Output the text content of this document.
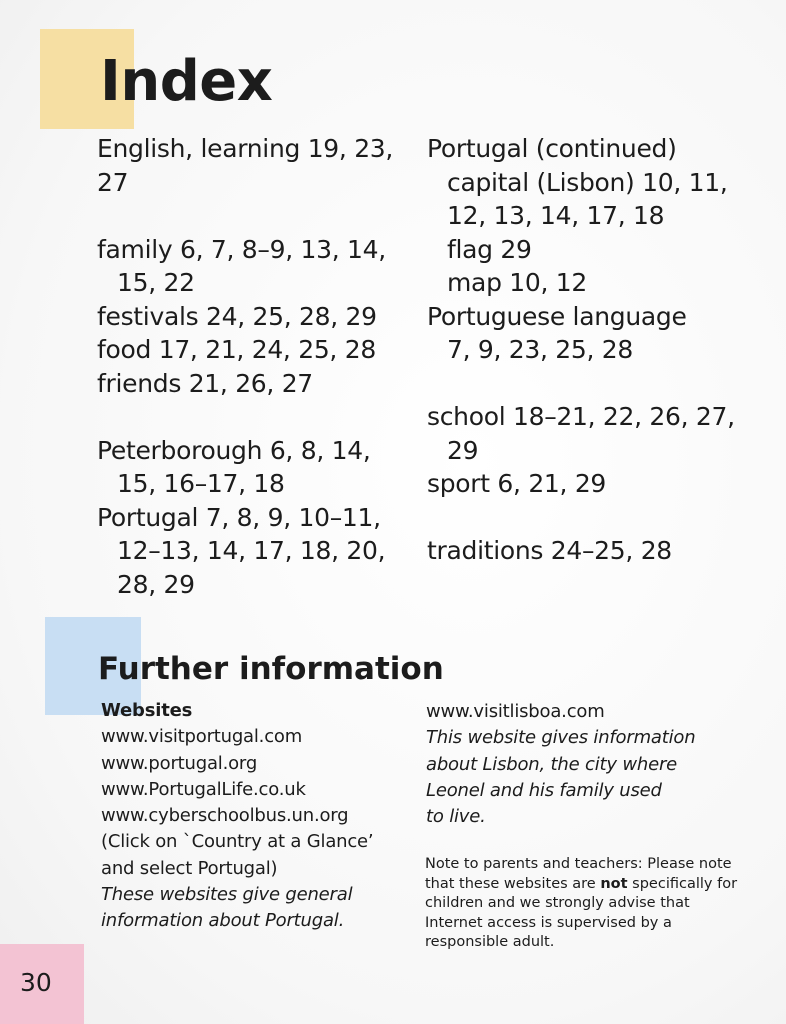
Index

English, learning 19, 23, 27

family 6, 7, 8–9, 13, 14,

15, 22

festivals 24, 25, 28, 29

food 17, 21, 24, 25, 28

friends 21, 26, 27

Peterborough 6, 8, 14,

15, 16–17, 18

Portugal 7, 8, 9, 10–11,

12–13, 14, 17, 18, 20,

28, 29

Portugal (continued)

capital (Lisbon) 10, 11,

12, 13, 14, 17, 18

flag 29

map 10, 12

Portuguese language

7, 9, 23, 25, 28

school 18–21, 22, 26, 27,

29

sport 6, 21, 29

traditions 24–25, 28

Further information

Websites

www.visitportugal.com

www.portugal.org

www.PortugalLife.co.uk

www.cyberschoolbus.un.org

(Click on `Country at a Glance’

and select Portugal)

These websites give general

information about Portugal.

www.visitlisboa.com

This website gives information

about Lisbon, the city where

Leonel and his family used

to live.

Note to parents and teachers: Please note that these websites are not specifically for children and we strongly advise that Internet access is supervised by a responsible adult.

30
